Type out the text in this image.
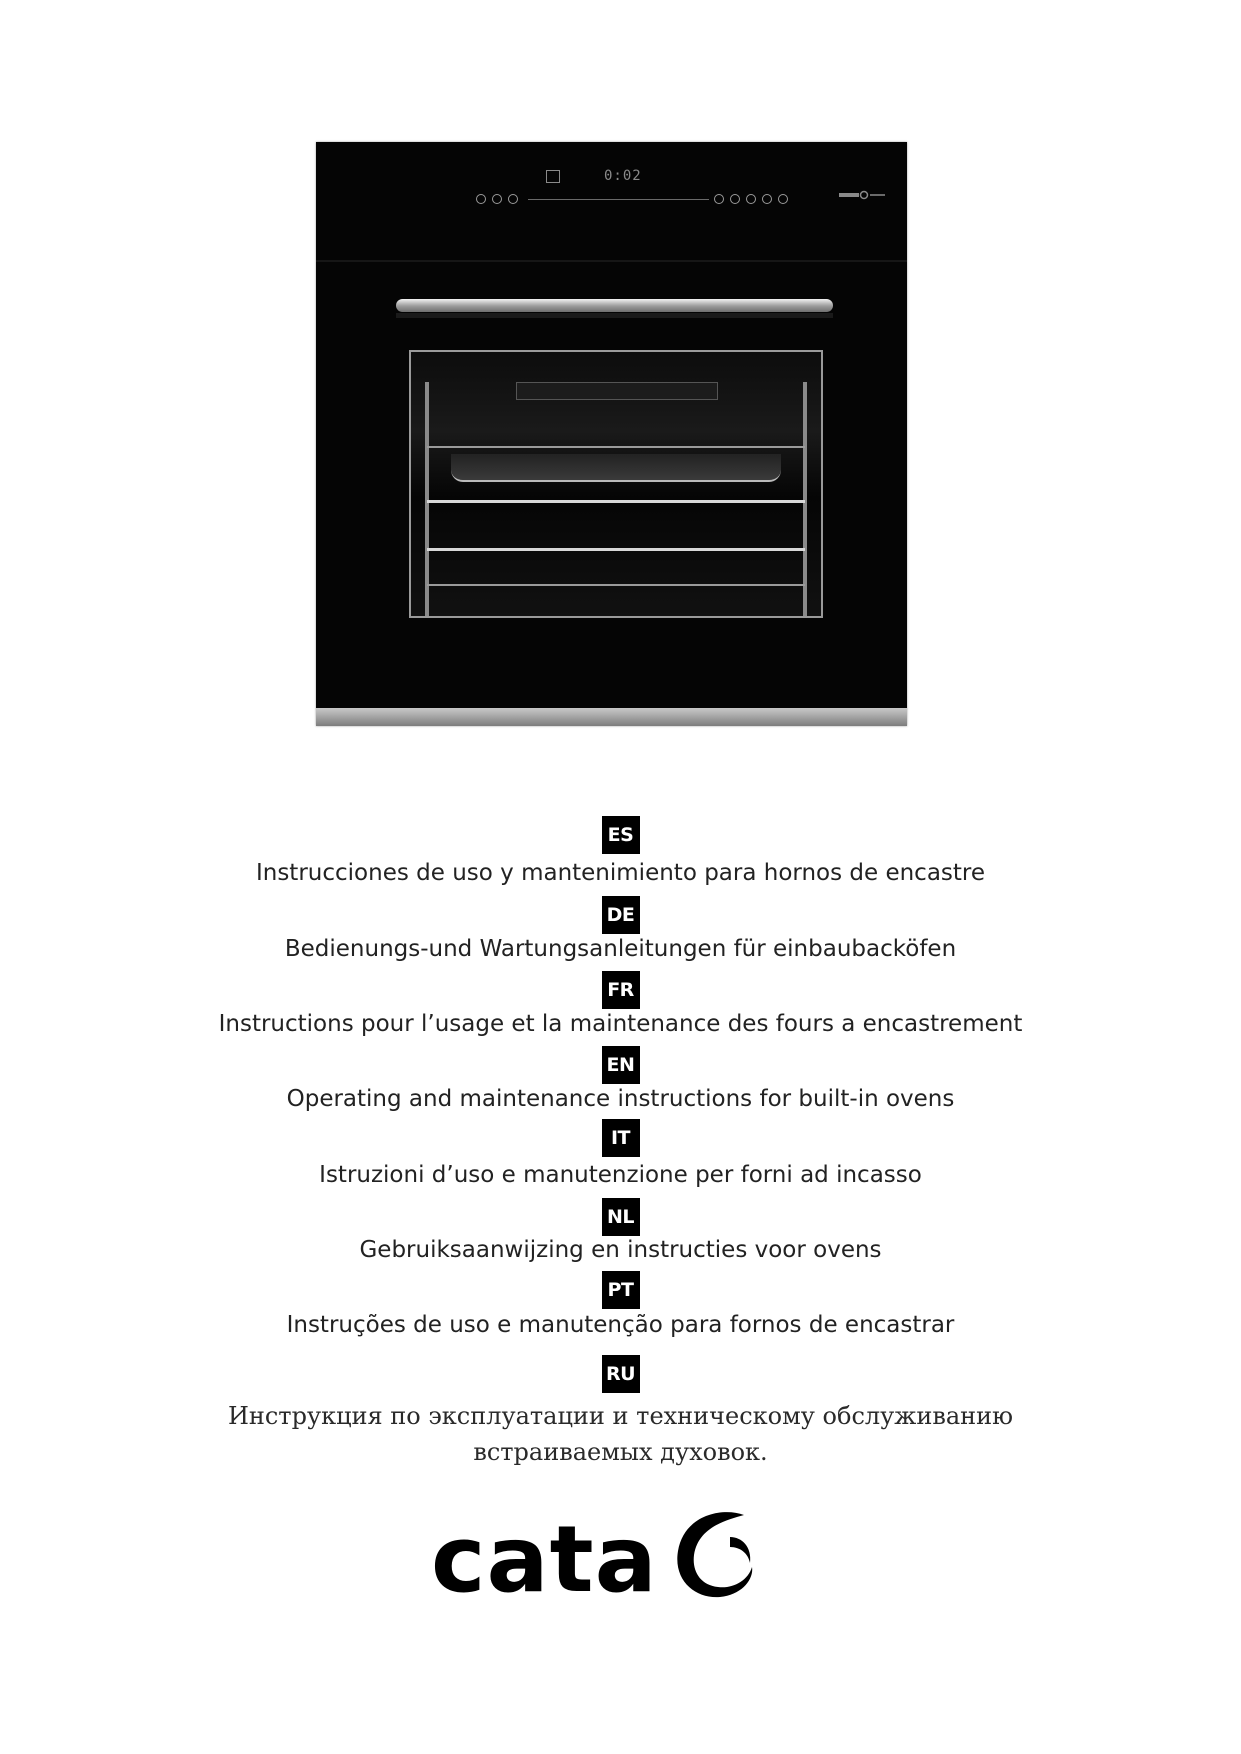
0:02
ES
Instrucciones de uso y mantenimiento para hornos de encastre
DE
Bedienungs-und Wartungsanleitungen für einbaubacköfen
FR
Instructions pour l’usage et la maintenance des fours a encastrement
EN
Operating and maintenance instructions for built-in ovens
IT
Istruzioni d’uso e manutenzione per forni ad incasso
NL
Gebruiksaanwijzing en instructies voor ovens
PT
Instruções de uso e manutenção para fornos de encastrar
RU
Инструкция по эксплуатации и техническому обслуживанию
встраиваемых духовок.
cata
